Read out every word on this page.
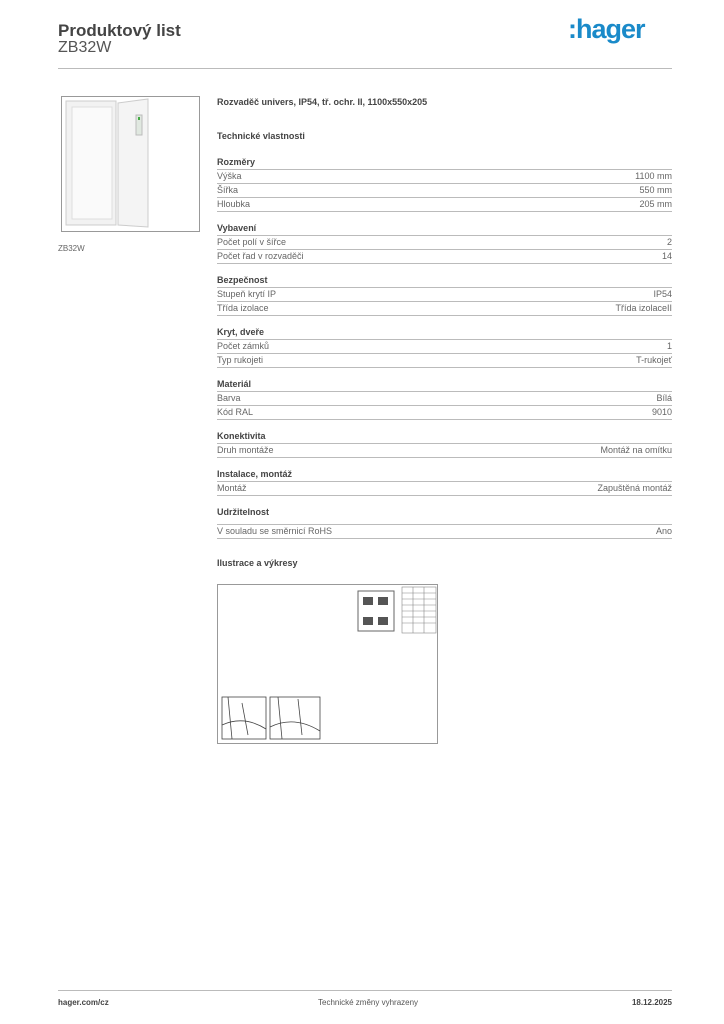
Produktový list
ZB32W
:hager
ZB32W
Rozvaděč univers, IP54, tř. ochr. II, 1100x550x205
Technické vlastnosti
Rozměry
Výška	1100 mm
Šířka	550 mm
Hloubka	205 mm
Vybavení
Počet polí v šířce	2
Počet řad v rozvaděči	14
Bezpečnost
Stupeň krytí IP	IP54
Třída izolace	Třída izolaceII
Kryt, dveře
Počet zámků	1
Typ rukojeti	T-rukojeť
Materiál
Barva	Bílá
Kód RAL	9010
Konektivita
Druh montáže	Montáž na omítku
Instalace, montáž
Montáž	Zapuštěná montáž
Udržitelnost
V souladu se směrnicí RoHS	Ano
Ilustrace a výkresy
hager.com/cz	Technické změny vyhrazeny	18.12.2025
